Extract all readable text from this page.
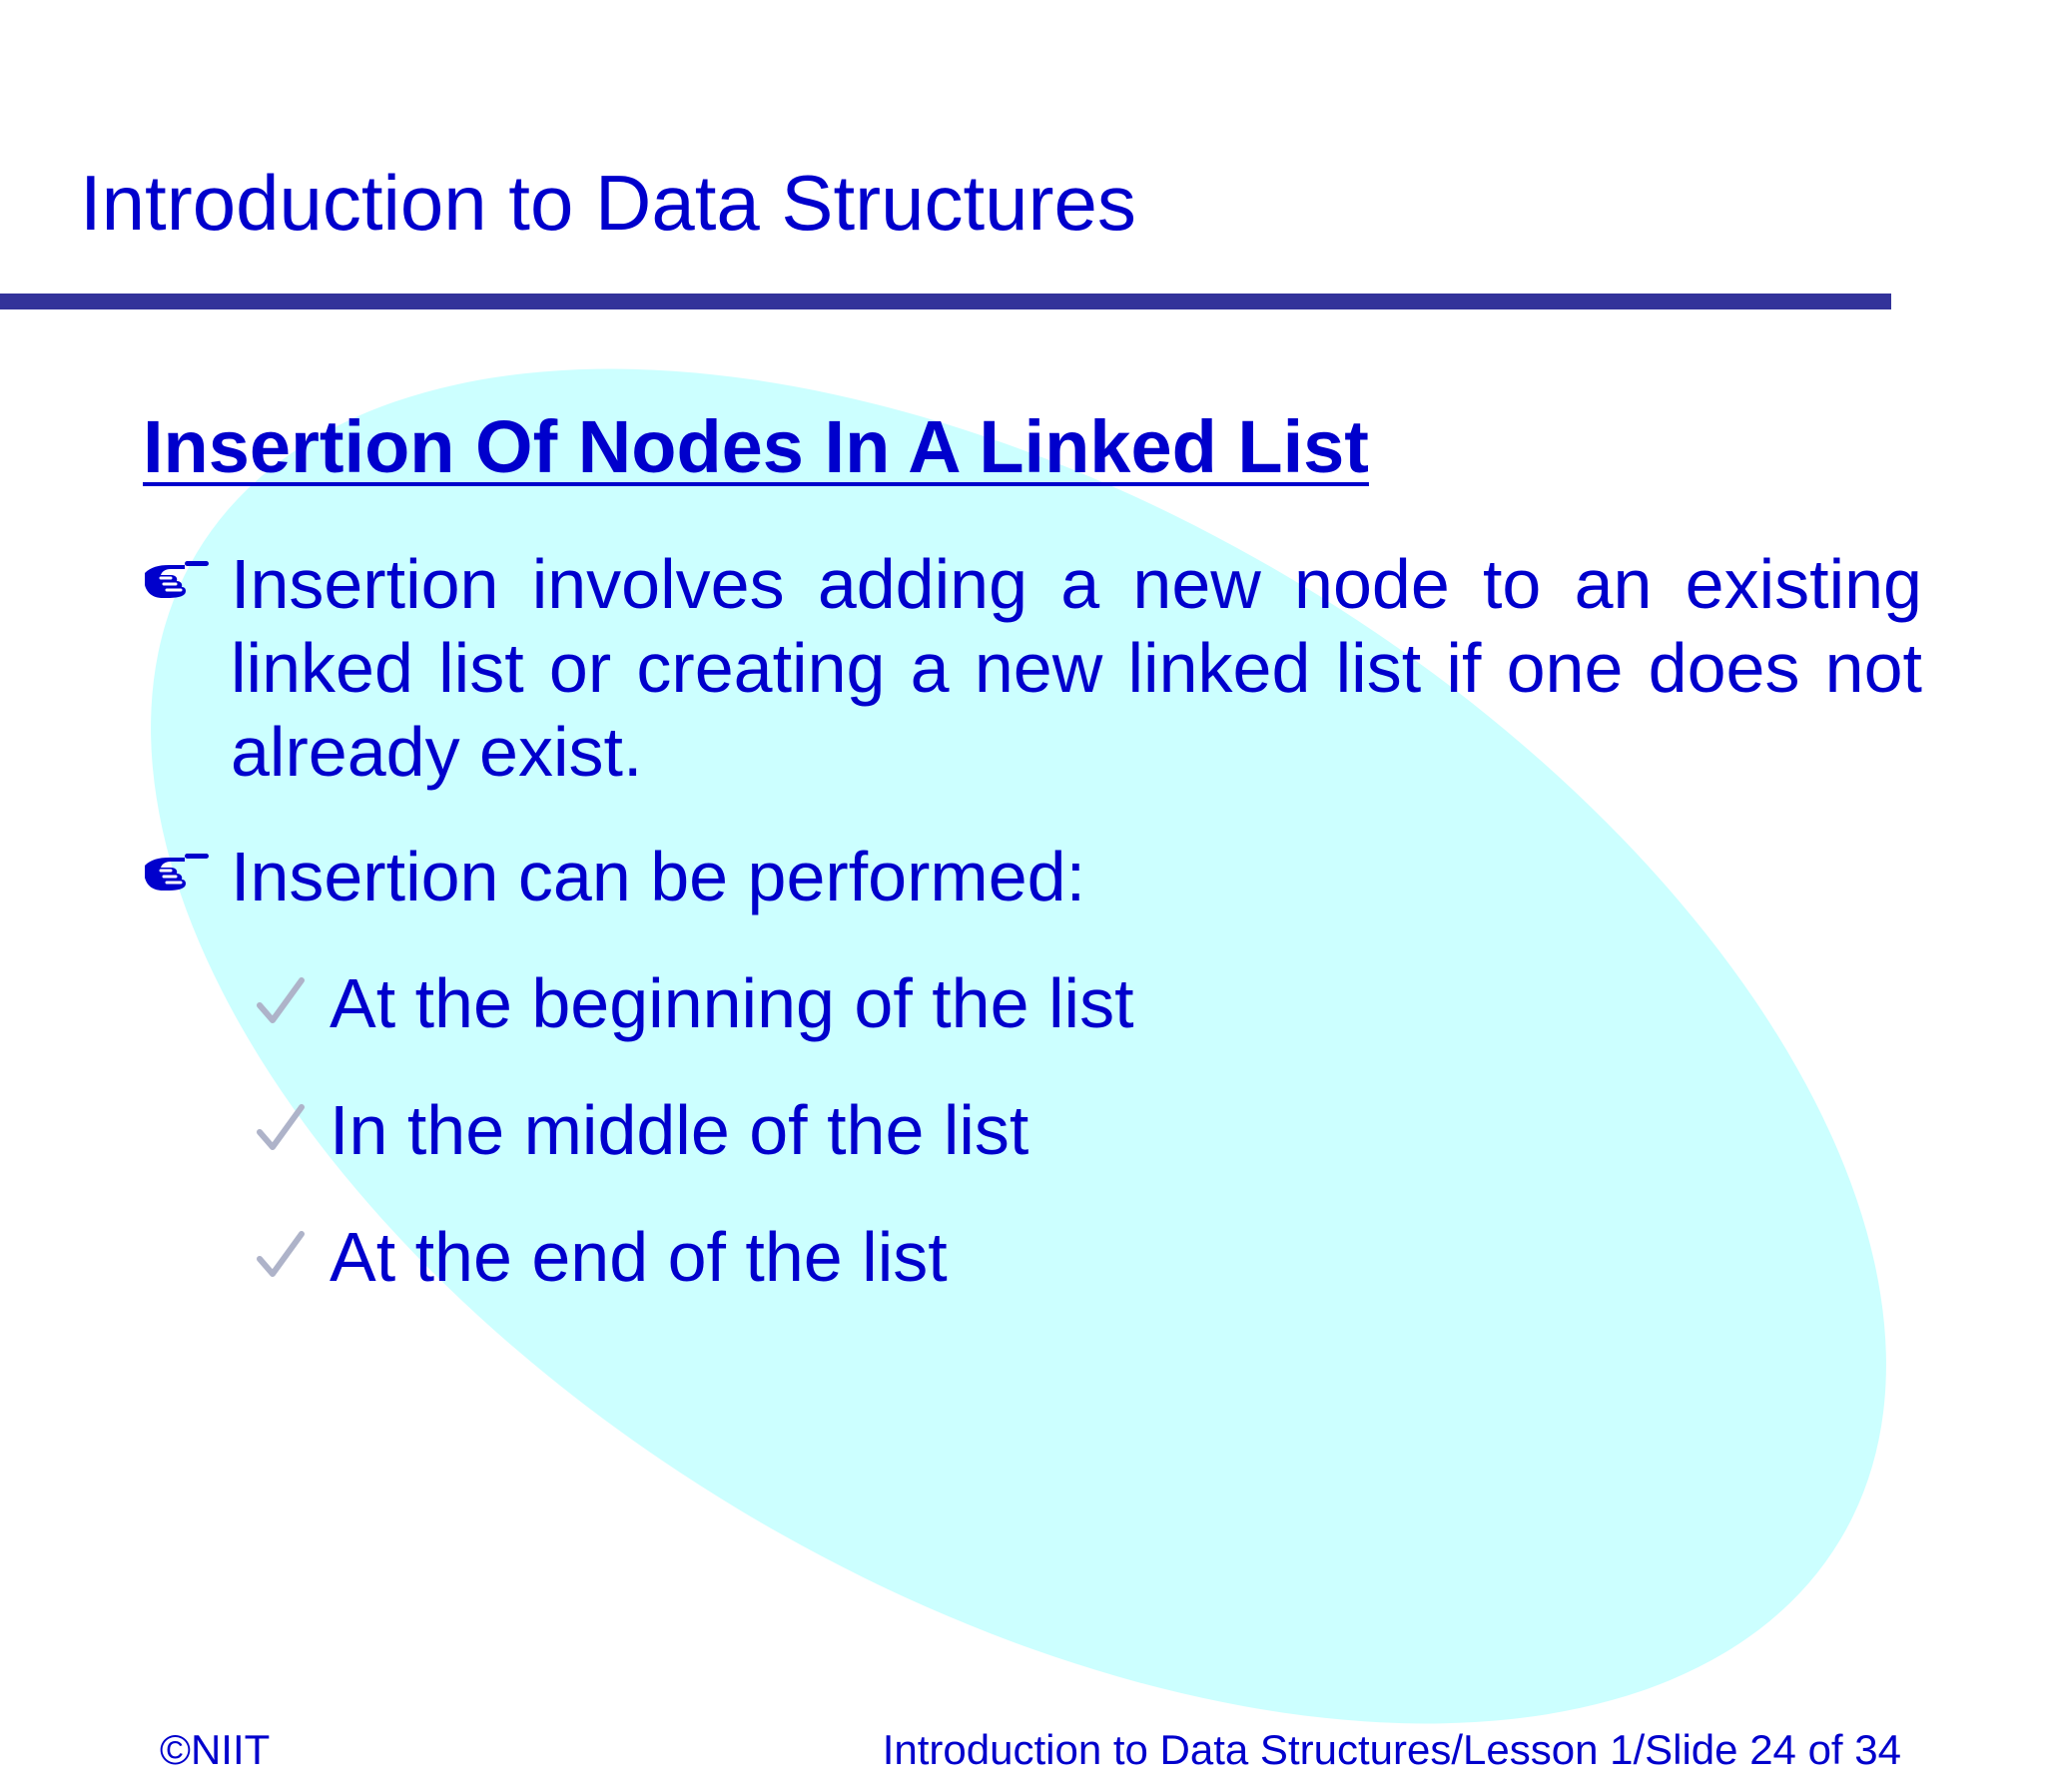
Introduction to Data Structures
Insertion Of Nodes In A Linked List
Insertion involves adding a new node to an existing linked list or creating a new linked list if one does not already exist.
Insertion can be performed:
At the beginning of the list
In the middle of the list
At the end of the list
©NIIT	Introduction to Data Structures/Lesson 1/Slide 24 of 34
